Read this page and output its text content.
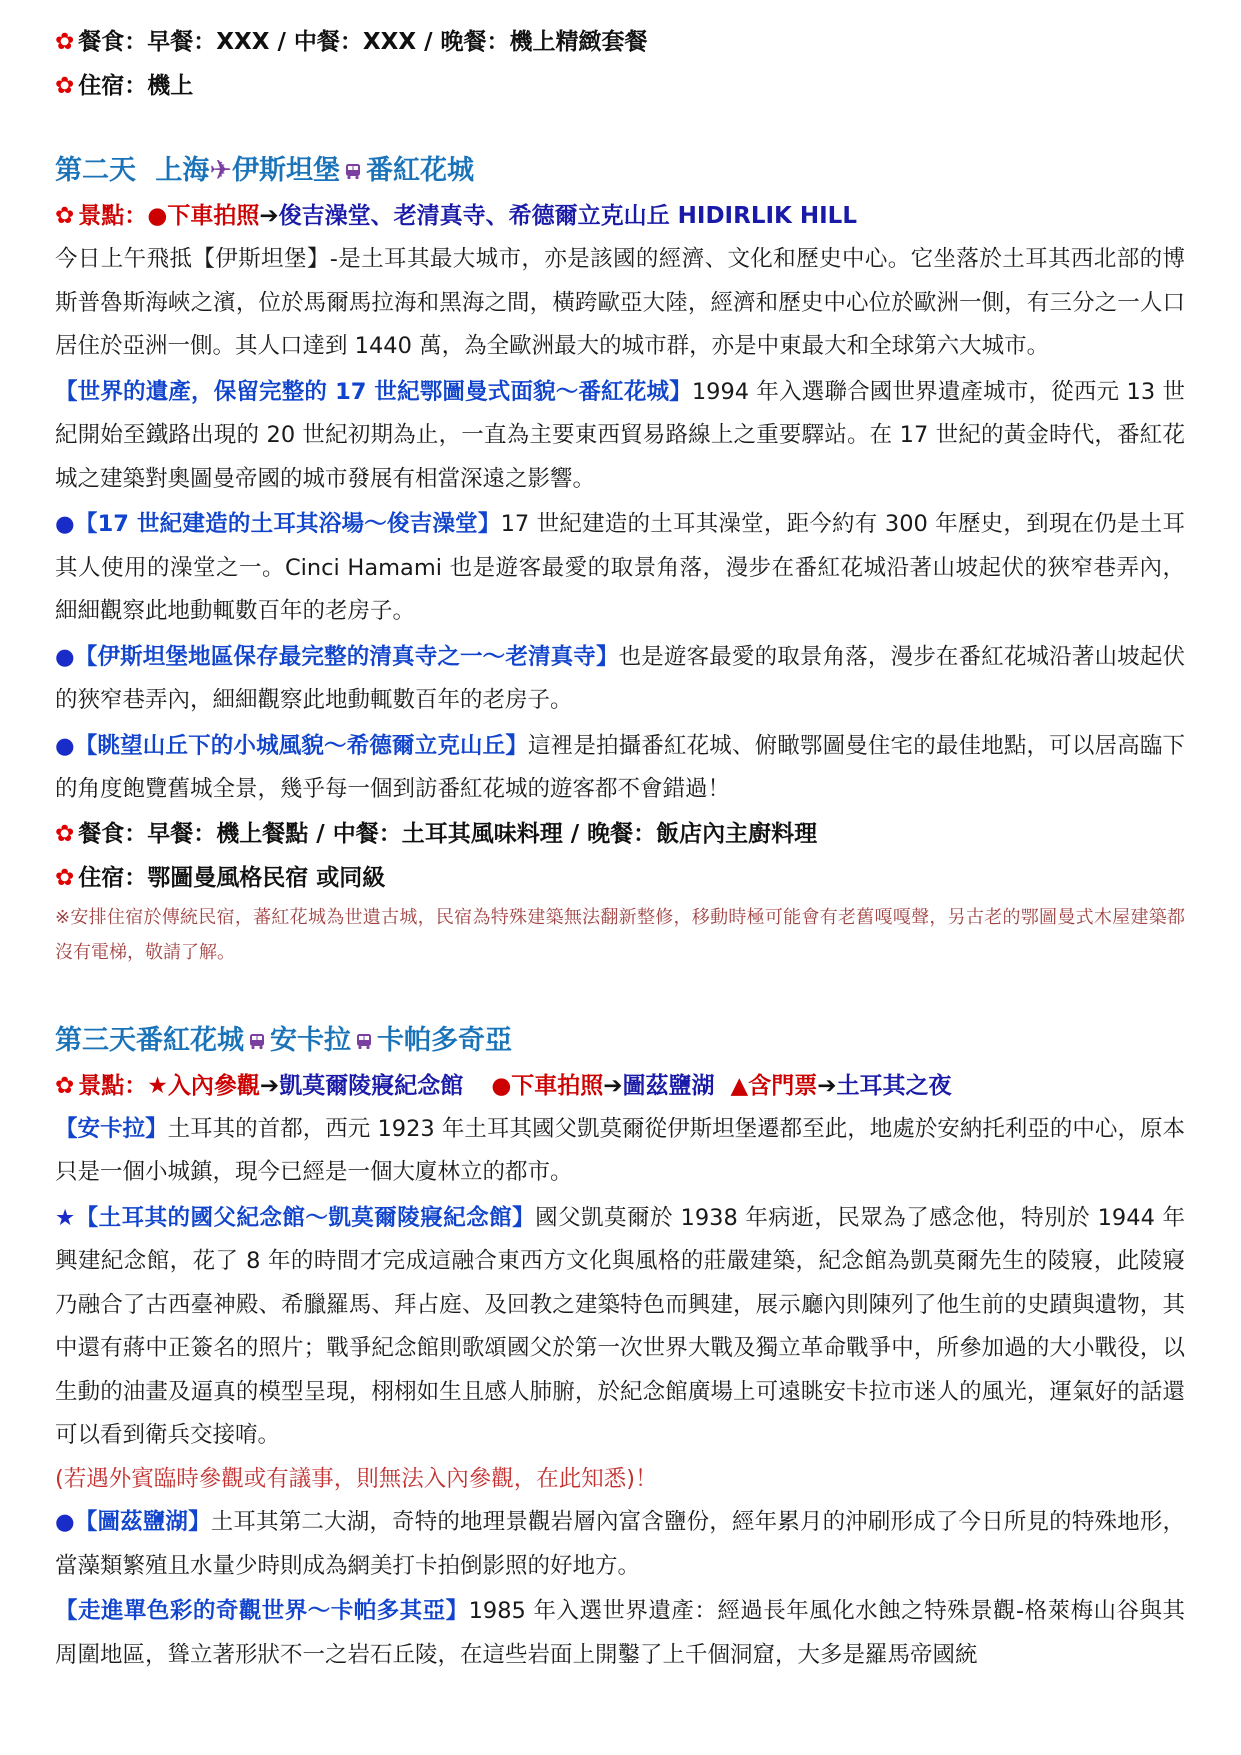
✿ 餐食：早餐：XXX / 中餐：XXX / 晚餐：機上精緻套餐
✿ 住宿：機上
第二天 上海✈伊斯坦堡 番紅花城
✿ 景點：●下車拍照➔俊吉澡堂、老清真寺、希德爾立克山丘 HIDIRLIK HILL

今日上午飛抵【伊斯坦堡】-是土耳其最大城市，亦是該國的經濟、文化和歷史中心。它坐落於土耳其西北部的博斯普魯斯海峽之濱，位於馬爾馬拉海和黑海之間，橫跨歐亞大陸，經濟和歷史中心位於歐洲一側，有三分之一人口居住於亞洲一側。其人口達到 1440 萬，為全歐洲最大的城市群，亦是中東最大和全球第六大城市。

【世界的遺產，保留完整的 17 世紀鄂圖曼式面貌～番紅花城】1994 年入選聯合國世界遺產城市，從西元 13 世紀開始至鐵路出現的 20 世紀初期為止，一直為主要東西貿易路線上之重要驛站。在 17 世紀的黃金時代，番紅花城之建築對奧圖曼帝國的城市發展有相當深遠之影響。

●【17 世紀建造的土耳其浴場～俊吉澡堂】17 世紀建造的土耳其澡堂，距今約有 300 年歷史，到現在仍是土耳其人使用的澡堂之一。Cinci Hamami 也是遊客最愛的取景角落，漫步在番紅花城沿著山坡起伏的狹窄巷弄內，細細觀察此地動輒數百年的老房子。

●【伊斯坦堡地區保存最完整的清真寺之一～老清真寺】也是遊客最愛的取景角落，漫步在番紅花城沿著山坡起伏的狹窄巷弄內，細細觀察此地動輒數百年的老房子。

●【眺望山丘下的小城風貌～希德爾立克山丘】這裡是拍攝番紅花城、俯瞰鄂圖曼住宅的最佳地點，可以居高臨下的角度飽覽舊城全景，幾乎每一個到訪番紅花城的遊客都不會錯過！

✿ 餐食：早餐：機上餐點 / 中餐：土耳其風味料理 / 晚餐：飯店內主廚料理
✿ 住宿：鄂圖曼風格民宿 或同級

※安排住宿於傳統民宿，蕃紅花城為世遺古城，民宿為特殊建築無法翻新整修，移動時極可能會有老舊嘎嘎聲，另古老的鄂圖曼式木屋建築都沒有電梯，敬請了解。

第三天番紅花城 安卡拉 卡帕多奇亞
✿ 景點：★入內參觀➔凱莫爾陵寢紀念館 ●下車拍照➔圖茲鹽湖 ▲含門票➔土耳其之夜

【安卡拉】土耳其的首都，西元 1923 年土耳其國父凱莫爾從伊斯坦堡遷都至此，地處於安納托利亞的中心，原本只是一個小城鎮，現今已經是一個大廈林立的都市。

★【土耳其的國父紀念館～凱莫爾陵寢紀念館】國父凱莫爾於 1938 年病逝，民眾為了感念他，特別於 1944 年興建紀念館，花了 8 年的時間才完成這融合東西方文化與風格的莊嚴建築，紀念館為凱莫爾先生的陵寢，此陵寢乃融合了古西臺神殿、希臘羅馬、拜占庭、及回教之建築特色而興建，展示廳內則陳列了他生前的史蹟與遺物，其中還有蔣中正簽名的照片；戰爭紀念館則歌頌國父於第一次世界大戰及獨立革命戰爭中，所參加過的大小戰役，以生動的油畫及逼真的模型呈現，栩栩如生且感人肺腑，於紀念館廣場上可遠眺安卡拉市迷人的風光，運氣好的話還可以看到衛兵交接唷。

(若遇外賓臨時參觀或有議事，則無法入內參觀，在此知悉)！

●【圖茲鹽湖】土耳其第二大湖，奇特的地理景觀岩層內富含鹽份，經年累月的沖刷形成了今日所見的特殊地形，當藻類繁殖且水量少時則成為網美打卡拍倒影照的好地方。

【走進單色彩的奇觀世界～卡帕多其亞】1985 年入選世界遺產：經過長年風化水蝕之特殊景觀-格萊梅山谷與其周圍地區，聳立著形狀不一之岩石丘陵，在這些岩面上開鑿了上千個洞窟，大多是羅馬帝國統
